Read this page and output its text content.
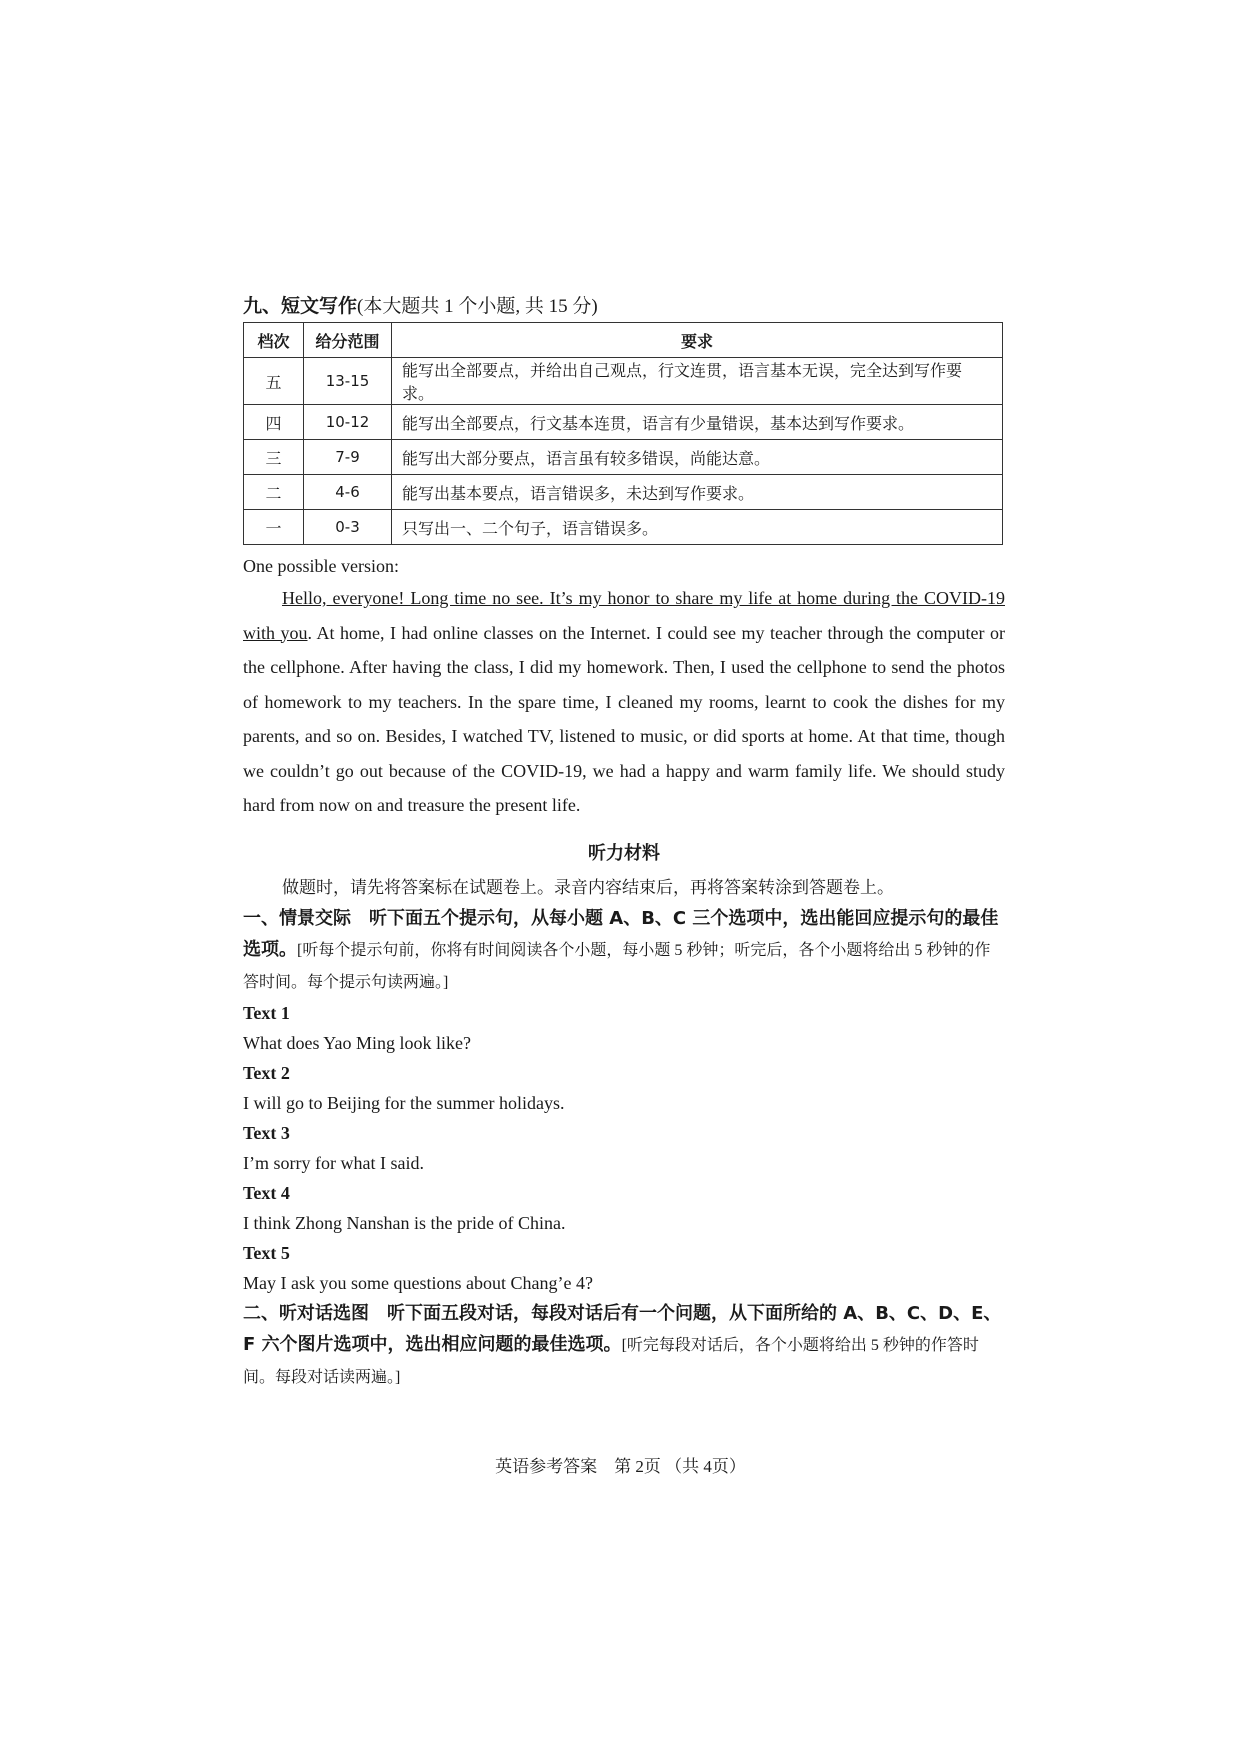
九、短文写作(本大题共 1 个小题, 共 15 分)
档次	给分范围	要求
五	13-15	能写出全部要点，并给出自己观点，行文连贯，语言基本无误，完全达到写作要求。
四	10-12	能写出全部要点，行文基本连贯，语言有少量错误，基本达到写作要求。
三	7-9	能写出大部分要点，语言虽有较多错误，尚能达意。
二	4-6	能写出基本要点，语言错误多，未达到写作要求。
一	0-3	只写出一、二个句子，语言错误多。
One possible version:

Hello, everyone! Long time no see. It’s my honor to share my life at home during the COVID-19 with you. At home, I had online classes on the Internet. I could see my teacher through the computer or the cellphone. After having the class, I did my homework. Then, I used the cellphone to send the photos of homework to my teachers. In the spare time, I cleaned my rooms, learnt to cook the dishes for my parents, and so on. Besides, I watched TV, listened to music, or did sports at home. At that time, though we couldn’t go out because of the COVID-19, we had a happy and warm family life. We should study hard from now on and treasure the present life.

听力材料
做题时，请先将答案标在试题卷上。录音内容结束后，再将答案转涂到答题卷上。

一、情景交际　听下面五个提示句，从每小题 A、B、C 三个选项中，选出能回应提示句的最佳选项。[听每个提示句前，你将有时间阅读各个小题，每小题 5 秒钟；听完后，各个小题将给出 5 秒钟的作答时间。每个提示句读两遍。]

Text 1
What does Yao Ming look like?
Text 2
I will go to Beijing for the summer holidays.
Text 3
I’m sorry for what I said.
Text 4
I think Zhong Nanshan is the pride of China.
Text 5
May I ask you some questions about Chang’e 4?

二、听对话选图　听下面五段对话，每段对话后有一个问题，从下面所给的 A、B、C、D、E、F 六个图片选项中，选出相应问题的最佳选项。[听完每段对话后，各个小题将给出 5 秒钟的作答时间。每段对话读两遍。]

英语参考答案　第 2页 （共 4页）
